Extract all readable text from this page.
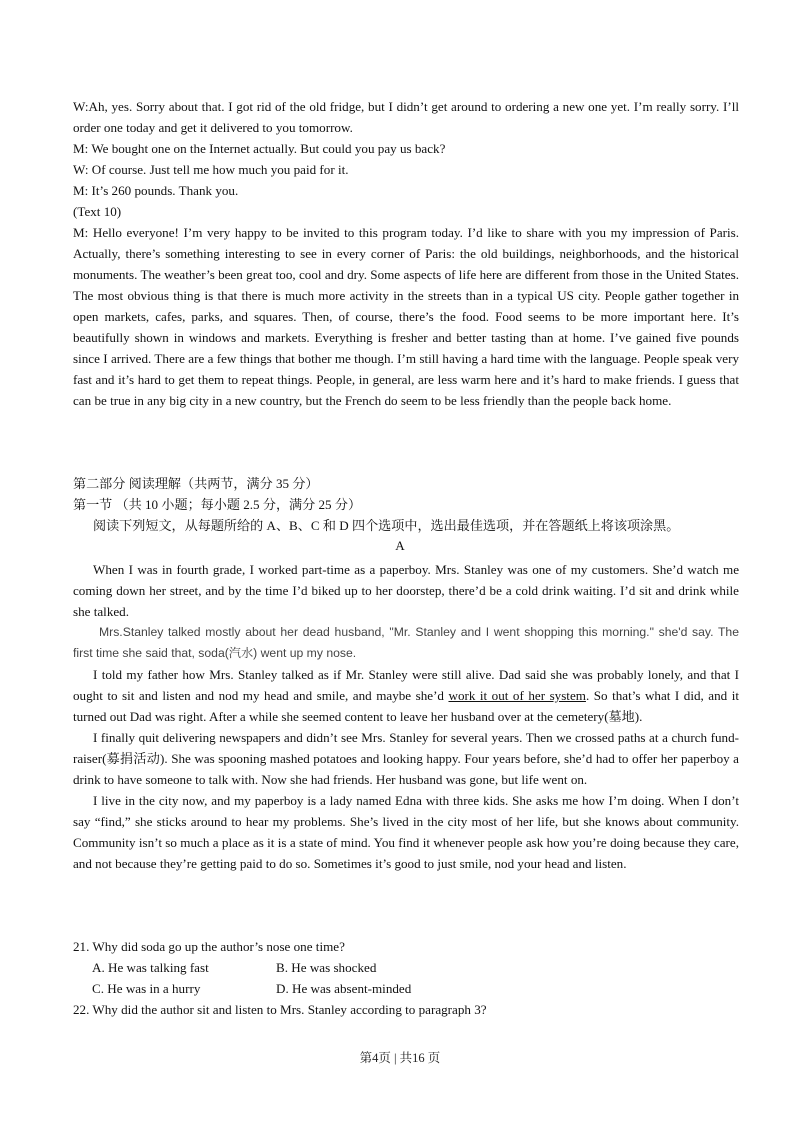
W:Ah, yes. Sorry about that. I got rid of the old fridge, but I didn’t get around to ordering a new one yet. I’m really sorry. I’ll order one today and get it delivered to you tomorrow.

M: We bought one on the Internet actually. But could you pay us back?

W: Of course. Just tell me how much you paid for it.

M: It’s 260 pounds. Thank you.

(Text 10)

M: Hello everyone! I’m very happy to be invited to this program today. I’d like to share with you my impression of Paris. Actually, there’s something interesting to see in every corner of Paris: the old buildings, neighborhoods, and the historical monuments. The weather’s been great too, cool and dry. Some aspects of life here are different from those in the United States. The most obvious thing is that there is much more activity in the streets than in a typical US city. People gather together in open markets, cafes, parks, and squares. Then, of course, there’s the food. Food seems to be more important here. It’s beautifully shown in windows and markets. Everything is fresher and better tasting than at home. I’ve gained five pounds since I arrived. There are a few things that bother me though. I’m still having a hard time with the language. People speak very fast and it’s hard to get them to repeat things. People, in general, are less warm here and it’s hard to make friends. I guess that can be true in any big city in a new country, but the French do seem to be less friendly than the people back home.

第二部分 阅读理解（共两节，满分 35 分）
第一节 （共 10 小题；每小题 2.5 分，满分 25 分）
阅读下列短文，从每题所给的 A、B、C 和 D 四个选项中，选出最佳选项，并在答题纸上将该项涂黑。
A

When I was in fourth grade, I worked part-time as a paperboy. Mrs. Stanley was one of my customers. She’d watch me coming down her street, and by the time I’d biked up to her doorstep, there’d be a cold drink waiting. I’d sit and drink while she talked.

Mrs.Stanley talked mostly about her dead husband, "Mr. Stanley and I went shopping this morning." she'd say. The first time she said that, soda(汽水) went up my nose.

I told my father how Mrs. Stanley talked as if Mr. Stanley were still alive. Dad said she was probably lonely, and that I ought to sit and listen and nod my head and smile, and maybe she’d work it out of her system. So that’s what I did, and it turned out Dad was right. After a while she seemed content to leave her husband over at the cemetery(墓地).

I finally quit delivering newspapers and didn’t see Mrs. Stanley for several years. Then we crossed paths at a church fund-raiser(募捐活动). She was spooning mashed potatoes and looking happy. Four years before, she’d had to offer her paperboy a drink to have someone to talk with. Now she had friends. Her husband was gone, but life went on.

I live in the city now, and my paperboy is a lady named Edna with three kids. She asks me how I’m doing. When I don’t say “find,” she sticks around to hear my problems. She’s lived in the city most of her life, but she knows about community. Community isn’t so much a place as it is a state of mind. You find it whenever people ask how you’re doing because they care, and not because they’re getting paid to do so. Sometimes it’s good to just smile, nod your head and listen.

21. Why did soda go up the author’s nose one time?
A. He was talking fast	B. He was shocked
C. He was in a hurry	D. He was absent-minded
22. Why did the author sit and listen to Mrs. Stanley according to paragraph 3?
第4页 | 共16 页
